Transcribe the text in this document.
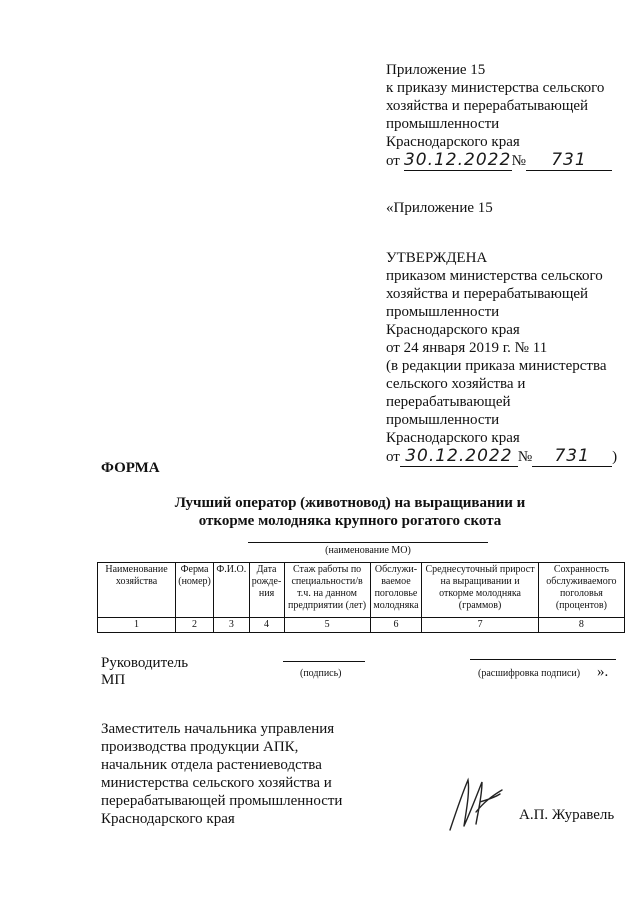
Приложение 15
к приказу министерства сельского
хозяйства и перерабатывающей
промышленности
Краснодарского края
от 30.12.2022№ 731
«Приложение 15
УТВЕРЖДЕНА
приказом министерства сельского
хозяйства и перерабатывающей
промышленности
Краснодарского края
от 24 января 2019 г. № 11
(в редакции приказа министерства
сельского хозяйства и
перерабатывающей
промышленности
Краснодарского края
от 30.12.2022 № 731 )
ФОРМА
Лучший оператор (животновод) на выращивании и
откорме молодняка крупного рогатого скота
(наименование МО)
Наименование хозяйства	Ферма (номер)	Ф.И.О.	Дата рожде-ния	Стаж работы по специальности/в т.ч. на данном предприятии (лет)	Обслужи-ваемое поголовье молодняка	Среднесуточный прирост на выращивании и откорме молодняка (граммов)	Сохранность обслуживаемого поголовья (процентов)
1	2	3	4	5	6	7	8
Руководитель
МП	(подпись)	(расшифровка подписи) ».
Заместитель начальника управления
производства продукции АПК,
начальник отдела растениеводства
министерства сельского хозяйства и
перерабатывающей промышленности
Краснодарского края	А.П. Журавель
